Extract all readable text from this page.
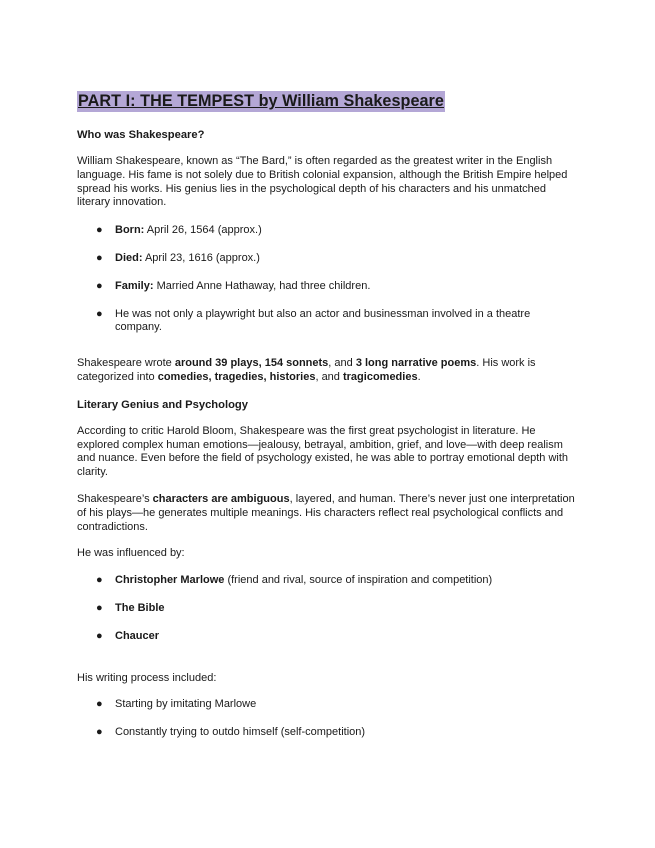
PART I: THE TEMPEST by William Shakespeare

Who was Shakespeare?

William Shakespeare, known as “The Bard,” is often regarded as the greatest writer in the English language. His fame is not solely due to British colonial expansion, although the British Empire helped spread his works. His genius lies in the psychological depth of his characters and his unmatched literary innovation.

● Born: April 26, 1564 (approx.)
● Died: April 23, 1616 (approx.)
● Family: Married Anne Hathaway, had three children.
● He was not only a playwright but also an actor and businessman involved in a theatre company.

Shakespeare wrote around 39 plays, 154 sonnets, and 3 long narrative poems. His work is categorized into comedies, tragedies, histories, and tragicomedies.

Literary Genius and Psychology

According to critic Harold Bloom, Shakespeare was the first great psychologist in literature. He explored complex human emotions—jealousy, betrayal, ambition, grief, and love—with deep realism and nuance. Even before the field of psychology existed, he was able to portray emotional depth with clarity.

Shakespeare’s characters are ambiguous, layered, and human. There’s never just one interpretation of his plays—he generates multiple meanings. His characters reflect real psychological conflicts and contradictions.

He was influenced by:

● Christopher Marlowe (friend and rival, source of inspiration and competition)
● The Bible
● Chaucer

His writing process included:

● Starting by imitating Marlowe
● Constantly trying to outdo himself (self-competition)
